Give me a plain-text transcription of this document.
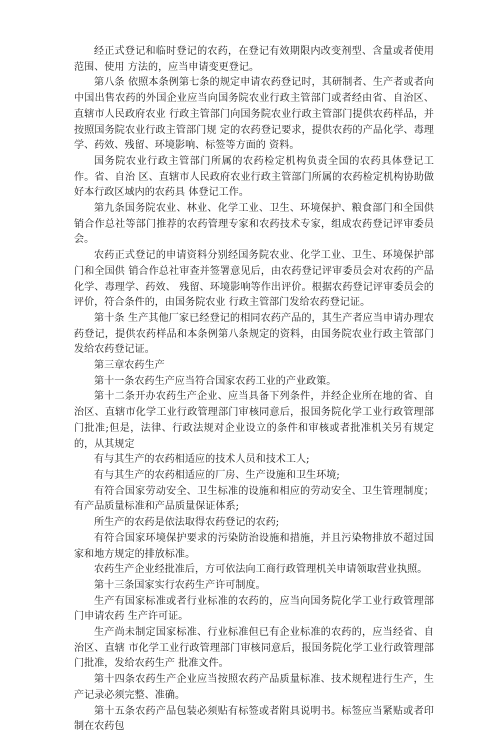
经正式登记和临时登记的农药，在登记有效期限内改变剂型、含量或者使用范围、使用 方法的，应当申请变更登记。

第八条 依照本条例第七条的规定申请农药登记时，其研制者、生产者或者向中国出售农药的外国企业应当向国务院农业行政主管部门或者经由省、自治区、直辖市人民政府农业 行政主管部门向国务院农业行政主管部门提供农药样品，并按照国务院农业行政主管部门规 定的农药登记要求，提供农药的产品化学、毒理学、药效、残留、环境影响、标签等方面的 资料。

国务院农业行政主管部门所属的农药检定机构负责全国的农药具体登记工作。省、自治 区、直辖市人民政府农业行政主管部门所属的农药检定机构协助做好本行政区域内的农药具 体登记工作。

第九条国务院农业、林业、化学工业、卫生、环境保护、粮食部门和全国供销合作总社等部门推荐的农药管理专家和农药技术专家，组成农药登记评审委员会。

农药正式登记的申请资料分别经国务院农业、化学工业、卫生、环境保护部门和全国供 销合作总社审查并签署意见后，由农药登记评审委员会对农药的产品化学、毒理学、药效、 残留、环境影响等作出评价。根据农药登记评审委员会的评价，符合条件的，由国务院农业 行政主管部门发给农药登记证。

第十条 生产其他厂家已经登记的相同农药产品的，其生产者应当申请办理农药登记，提供农药样品和本条例第八条规定的资料，由国务院农业行政主管部门发给农药登记证。

第三章农药生产

第十一条农药生产应当符合国家农药工业的产业政策。

第十二条开办农药生产企业、应当具备下列条件，并经企业所在地的省、自治区、直辖市化学工业行政管理部门审核同意后，报国务院化学工业行政管理部门批准;但是，法律、行政法规对企业设立的条件和审核或者批准机关另有规定的，从其规定

有与其生产的农药相适应的技术人员和技术工人;

有与其生产的农药相适应的厂房、生产设施和卫生环境;

有符合国家劳动安全、卫生标准的设施和相应的劳动安全、卫生管理制度；有产品质量标准和产品质量保证体系;

所生产的农药是依法取得农药登记的农药;

有符合国家环境保护要求的污染防治设施和措施，并且污染物排放不超过国家和地方规定的排放标准。

农药生产企业经批准后，方可依法向工商行政管理机关申请领取营业执照。

第十三条国家实行农药生产许可制度。

生产有国家标准或者行业标准的农药的，应当向国务院化学工业行政管理部门申请农药 生产许可证。

生产尚未制定国家标准、行业标准但已有企业标准的农药的，应当经省、自治区、直辖 市化学工业行政管理部门审核同意后，报国务院化学工业行政管理部门批准，发给农药生产 批准文件。

第十四条农药生产企业应当按照农药产品质量标准、技术规程进行生产，生产记录必须完整、准确。

第十五条农药产品包装必须贴有标签或者附具说明书。标签应当紧贴或者印制在农药包
